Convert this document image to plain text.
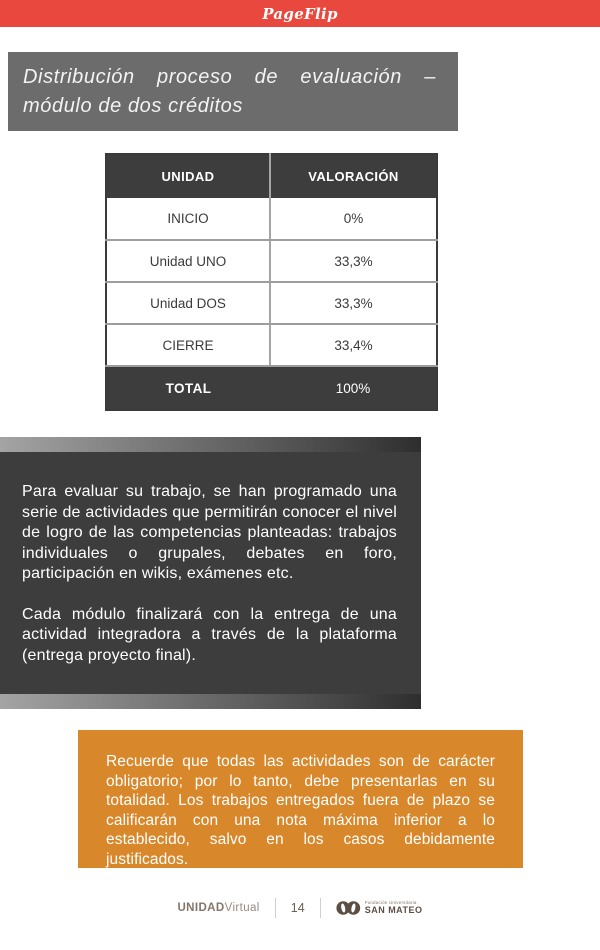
PageFlip
Distribución proceso de evaluación – módulo de dos créditos
UNIDAD	VALORACIÓN
INICIO	0%
Unidad UNO	33,3%
Unidad DOS	33,3%
CIERRE	33,4%
TOTAL	100%

Para evaluar su trabajo, se han programado una serie de actividades que permitirán conocer el nivel de logro de las competencias planteadas: trabajos individuales o grupales, debates en foro, participación en wikis, exámenes etc.

Cada módulo finalizará con la entrega de una actividad integradora a través de la plataforma (entrega proyecto final).

Recuerde que todas las actividades son de carácter obligatorio; por lo tanto, debe presentarlas en su totalidad. Los trabajos entregados fuera de plazo se calificarán con una nota máxima inferior a lo establecido, salvo en los casos debidamente justificados.

UNIDADVirtual 14	Fundación Universitaria
SAN MATEO
